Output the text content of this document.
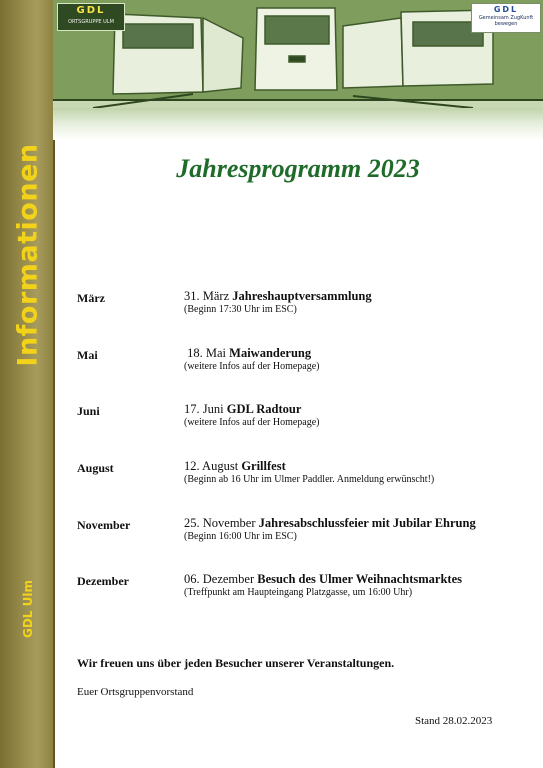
Informationen
GDL Ulm
GDL
ORTSGRUPPE ULM
GDL
Gemeinsam ZugKunft bewegen
Jahresprogramm 2023
März	31. März Jahreshauptversammlung
(Beginn 17:30 Uhr im ESC)
Mai	18. Mai Maiwanderung
(weitere Infos auf der Homepage)
Juni	17. Juni GDL Radtour
(weitere Infos auf der Homepage)
August	12. August Grillfest
(Beginn ab 16 Uhr im Ulmer Paddler. Anmeldung erwünscht!)
November	25. November Jahresabschlussfeier mit Jubilar Ehrung
(Beginn 16:00 Uhr im ESC)
Dezember	06. Dezember Besuch des Ulmer Weihnachtsmarktes
(Treffpunkt am Haupteingang Platzgasse, um 16:00 Uhr)
Wir freuen uns über jeden Besucher unserer Veranstaltungen.
Euer Ortsgruppenvorstand
Stand 28.02.2023
